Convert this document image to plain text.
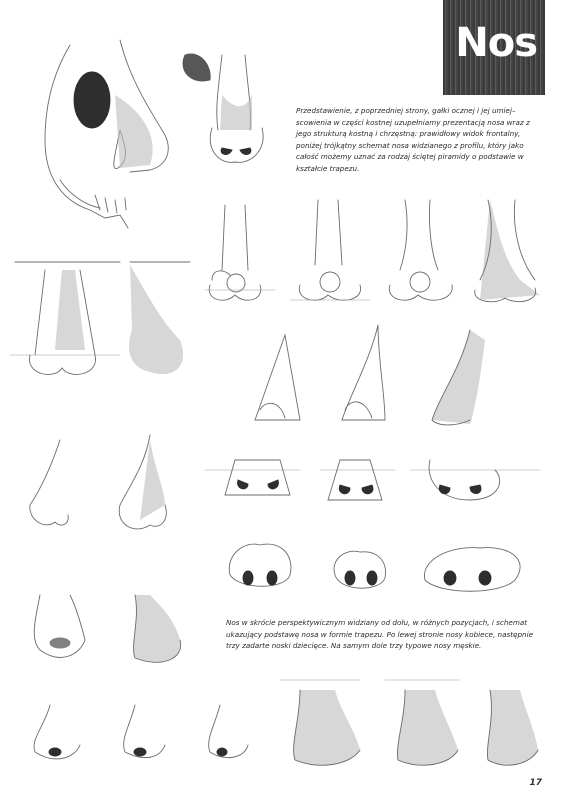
Nos
Przedstawienie, z poprzedniej strony, gałki ocznej i jej umiej–
scowienia w części kostnej uzupełniamy prezentacją nosa wraz z
jego strukturą kostną i chrzęstną: prawidłowy widok frontalny,
poniżej trójkątny schemat nosa widzianego z profilu, który jako
całość możemy uznać za rodzaj ściętej piramidy o podstawie w
kształcie trapezu.
Nos w skrócie perspektywicznym widziany od dołu, w różnych pozycjach, i schemat
ukazujący podstawę nosa w formie trapezu. Po lewej stronie nosy kobiece, następnie
trzy zadarte noski dziecięce. Na samym dole trzy typowe nosy męskie.
17
